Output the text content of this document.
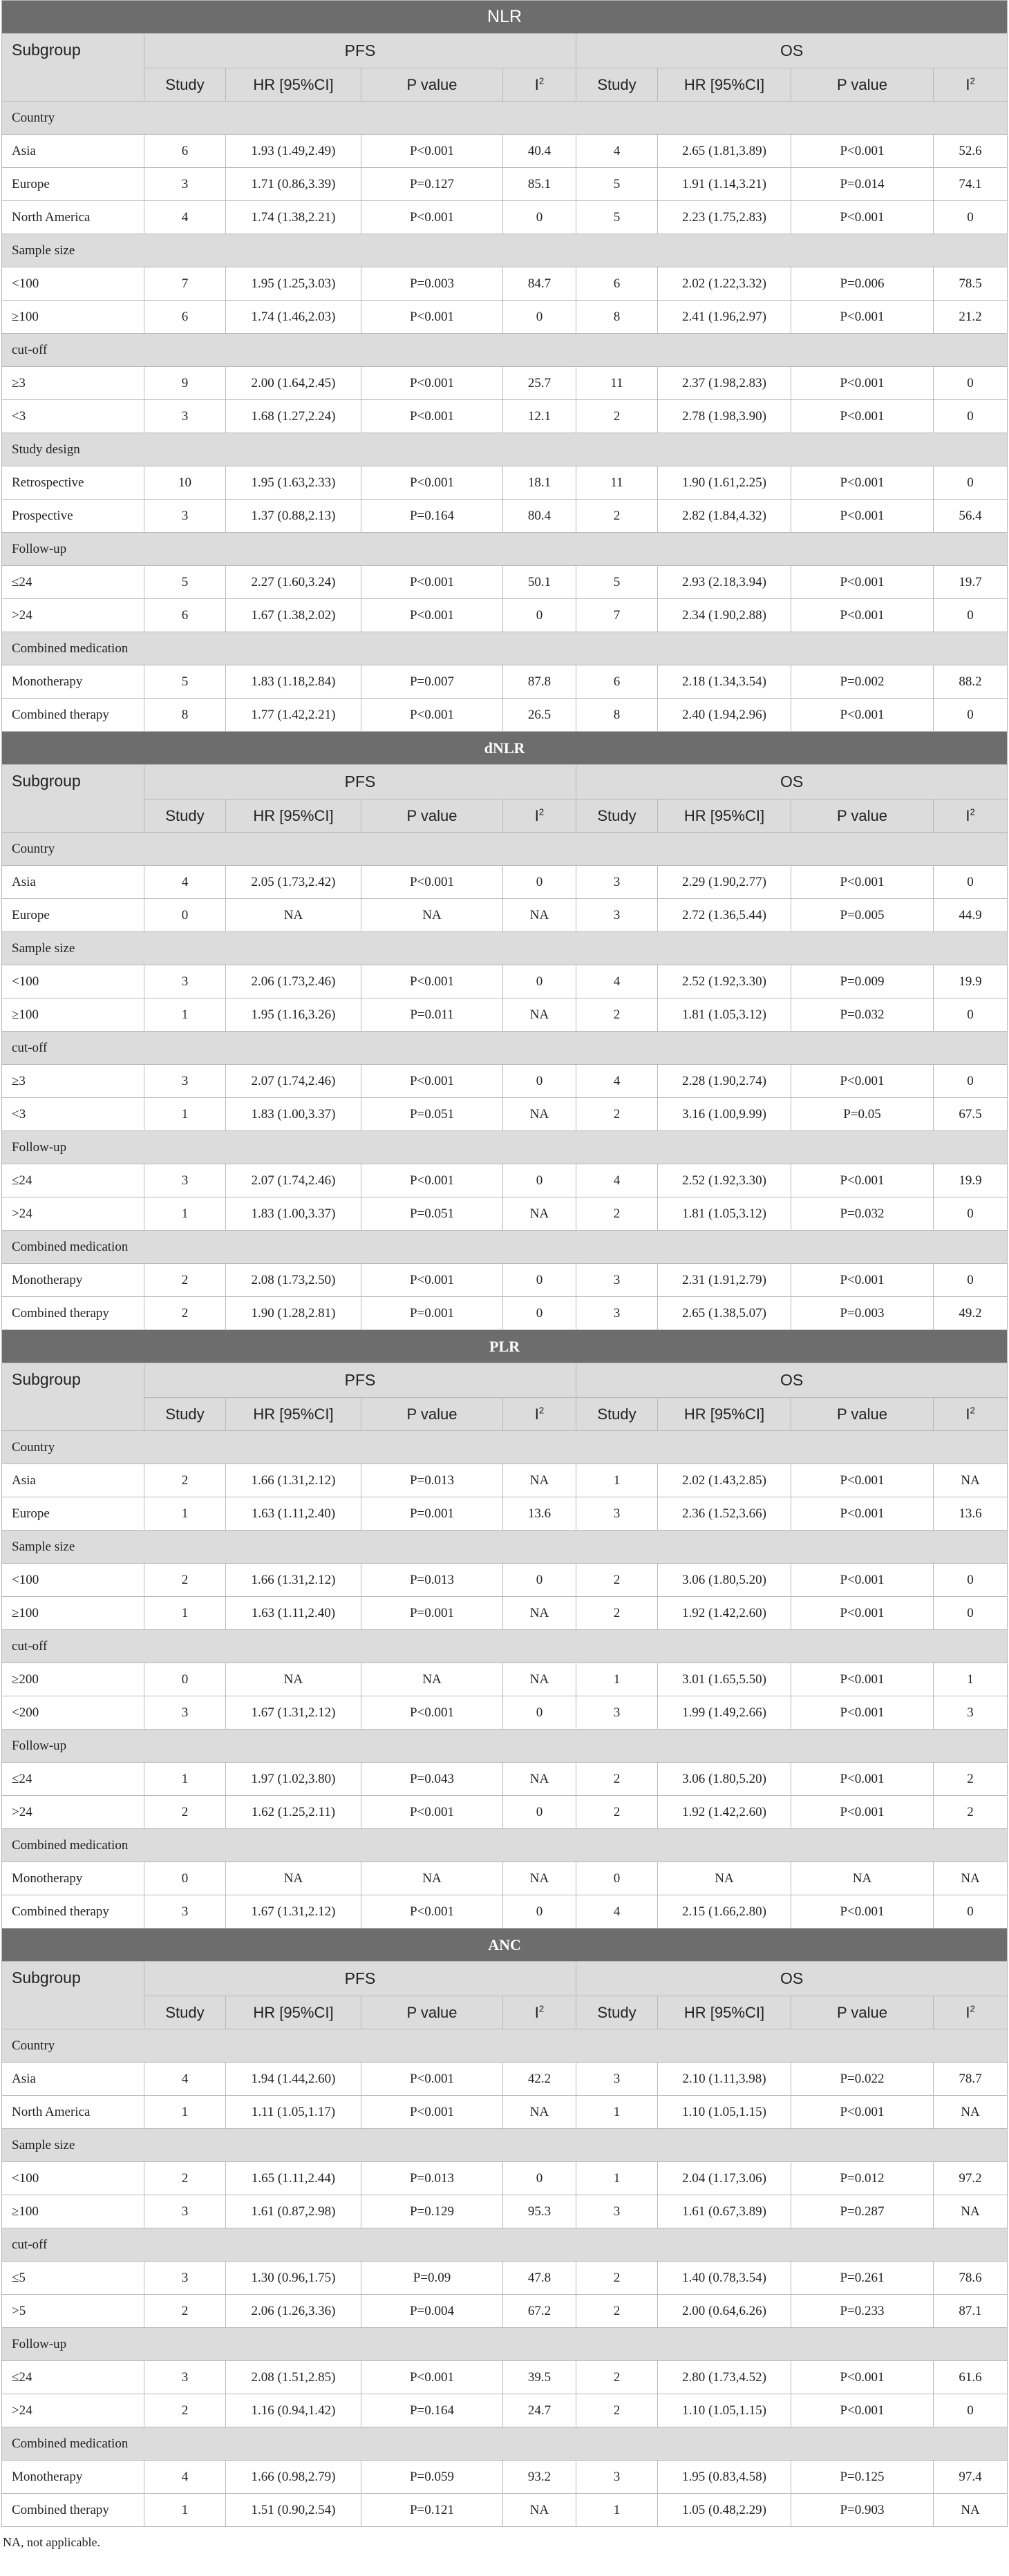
NLR								
Subgroup	PFS				OS			
	Study	HR [95%CI]	P value	$I^2$	Study	HR [95%CI]	P value	$I^2$
Country								
Asia	6	1.93 (1.49,2.49)	P<0.001	40.4	4	2.65 (1.81,3.89)	P<0.001	52.6
Europe	3	1.71 (0.86,3.39)	P=0.127	85.1	5	1.91 (1.14,3.21)	P=0.014	74.1
North America	4	1.74 (1.38,2.21)	P<0.001	0	5	2.23 (1.75,2.83)	P<0.001	0
Sample size								
<100	7	1.95 (1.25,3.03)	P=0.003	84.7	6	2.02 (1.22,3.32)	P=0.006	78.5
≥100	6	1.74 (1.46,2.03)	P<0.001	0	8	2.41 (1.96,2.97)	P<0.001	21.2
cut-off								
≥3	9	2.00 (1.64,2.45)	P<0.001	25.7	11	2.37 (1.98,2.83)	P<0.001	0
<3	3	1.68 (1.27,2.24)	P<0.001	12.1	2	2.78 (1.98,3.90)	P<0.001	0
Study design								
Retrospective	10	1.95 (1.63,2.33)	P<0.001	18.1	11	1.90 (1.61,2.25)	P<0.001	0
Prospective	3	1.37 (0.88,2.13)	P=0.164	80.4	2	2.82 (1.84,4.32)	P<0.001	56.4
Follow-up								
≤24	5	2.27 (1.60,3.24)	P<0.001	50.1	5	2.93 (2.18,3.94)	P<0.001	19.7
>24	6	1.67 (1.38,2.02)	P<0.001	0	7	2.34 (1.90,2.88)	P<0.001	0
Combined medication								
Monotherapy	5	1.83 (1.18,2.84)	P=0.007	87.8	6	2.18 (1.34,3.54)	P=0.002	88.2
Combined therapy	8	1.77 (1.42,2.21)	P<0.001	26.5	8	2.40 (1.94,2.96)	P<0.001	0
dNLR								
Subgroup	PFS				OS			
	Study	HR [95%CI]	P value	$I^2$	Study	HR [95%CI]	P value	$I^2$
Country								
Asia	4	2.05 (1.73,2.42)	P<0.001	0	3	2.29 (1.90,2.77)	P<0.001	0
Europe	0	NA	NA	NA	3	2.72 (1.36,5.44)	P=0.005	44.9
Sample size								
<100	3	2.06 (1.73,2.46)	P<0.001	0	4	2.52 (1.92,3.30)	P=0.009	19.9
≥100	1	1.95 (1.16,3.26)	P=0.011	NA	2	1.81 (1.05,3.12)	P=0.032	0
cut-off								
≥3	3	2.07 (1.74,2.46)	P<0.001	0	4	2.28 (1.90,2.74)	P<0.001	0
<3	1	1.83 (1.00,3.37)	P=0.051	NA	2	3.16 (1.00,9.99)	P=0.05	67.5
Follow-up								
≤24	3	2.07 (1.74,2.46)	P<0.001	0	4	2.52 (1.92,3.30)	P<0.001	19.9
>24	1	1.83 (1.00,3.37)	P=0.051	NA	2	1.81 (1.05,3.12)	P=0.032	0
Combined medication								
Monotherapy	2	2.08 (1.73,2.50)	P<0.001	0	3	2.31 (1.91,2.79)	P<0.001	0
Combined therapy	2	1.90 (1.28,2.81)	P=0.001	0	3	2.65 (1.38,5.07)	P=0.003	49.2
PLR								
Subgroup	PFS				OS			
	Study	HR [95%CI]	P value	$I^2$	Study	HR [95%CI]	P value	$I^2$
Country								
Asia	2	1.66 (1.31,2.12)	P=0.013	NA	1	2.02 (1.43,2.85)	P<0.001	NA
Europe	1	1.63 (1.11,2.40)	P=0.001	13.6	3	2.36 (1.52,3.66)	P<0.001	13.6
Sample size								
<100	2	1.66 (1.31,2.12)	P=0.013	0	2	3.06 (1.80,5.20)	P<0.001	0
≥100	1	1.63 (1.11,2.40)	P=0.001	NA	2	1.92 (1.42,2.60)	P<0.001	0
cut-off								
≥200	0	NA	NA	NA	1	3.01 (1.65,5.50)	P<0.001	1
<200	3	1.67 (1.31,2.12)	P<0.001	0	3	1.99 (1.49,2.66)	P<0.001	3
Follow-up								
≤24	1	1.97 (1.02,3.80)	P=0.043	NA	2	3.06 (1.80,5.20)	P<0.001	2
>24	2	1.62 (1.25,2.11)	P<0.001	0	2	1.92 (1.42,2.60)	P<0.001	2
Combined medication								
Monotherapy	0	NA	NA	NA	0	NA	NA	NA
Combined therapy	3	1.67 (1.31,2.12)	P<0.001	0	4	2.15 (1.66,2.80)	P<0.001	0
ANC								
Subgroup	PFS				OS			
	Study	HR [95%CI]	P value	$I^2$	Study	HR [95%CI]	P value	$I^2$
Country								
Asia	4	1.94 (1.44,2.60)	P<0.001	42.2	3	2.10 (1.11,3.98)	P=0.022	78.7
North America	1	1.11 (1.05,1.17)	P<0.001	NA	1	1.10 (1.05,1.15)	P<0.001	NA
Sample size								
<100	2	1.65 (1.11,2.44)	P=0.013	0	1	2.04 (1.17,3.06)	P=0.012	97.2
≥100	3	1.61 (0.87,2.98)	P=0.129	95.3	3	1.61 (0.67,3.89)	P=0.287	NA
cut-off								
≤5	3	1.30 (0.96,1.75)	P=0.09	47.8	2	1.40 (0.78,3.54)	P=0.261	78.6
>5	2	2.06 (1.26,3.36)	P=0.004	67.2	2	2.00 (0.64,6.26)	P=0.233	87.1
Follow-up								
≤24	3	2.08 (1.51,2.85)	P<0.001	39.5	2	2.80 (1.73,4.52)	P<0.001	61.6
>24	2	1.16 (0.94,1.42)	P=0.164	24.7	2	1.10 (1.05,1.15)	P<0.001	0
Combined medication								
Monotherapy	4	1.66 (0.98,2.79)	P=0.059	93.2	3	1.95 (0.83,4.58)	P=0.125	97.4
Combined therapy	1	1.51 (0.90,2.54)	P=0.121	NA	1	1.05 (0.48,2.29)	P=0.903	NA
NA, not applicable.
